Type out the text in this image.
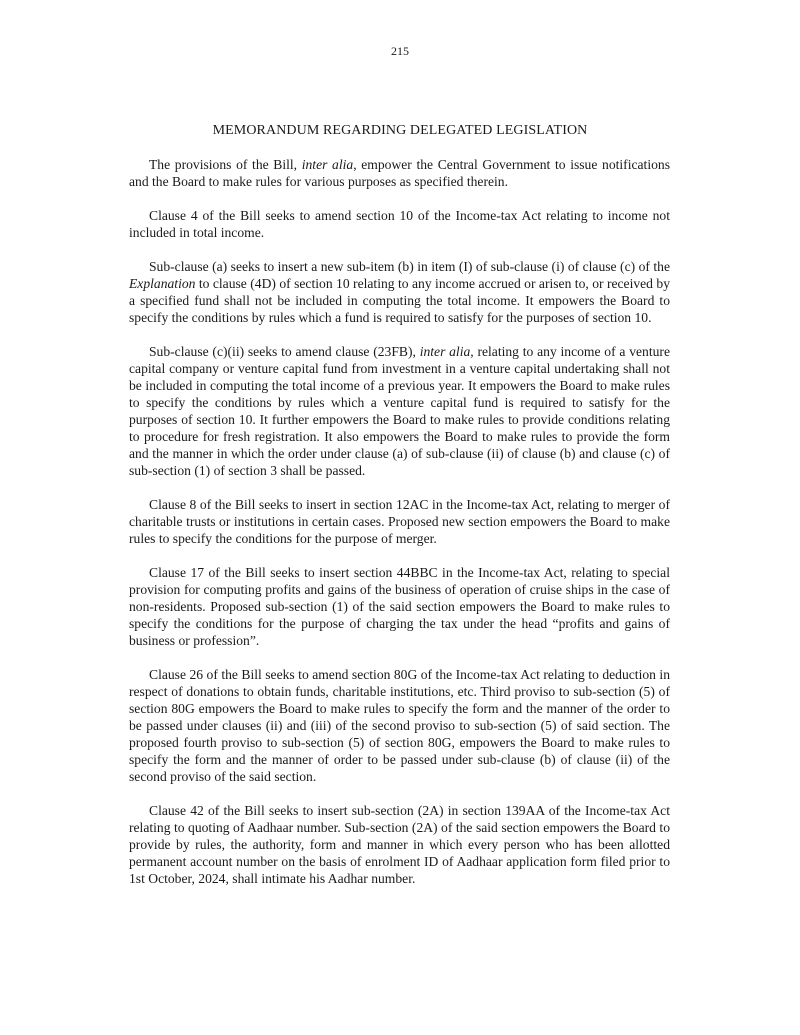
215
MEMORANDUM REGARDING DELEGATED LEGISLATION

The provisions of the Bill, inter alia, empower the Central Government to issue notifications and the Board to make rules for various purposes as specified therein.

Clause 4 of the Bill seeks to amend section 10 of the Income-tax Act relating to income not included in total income.

Sub-clause (a) seeks to insert a new sub-item (b) in item (I) of sub-clause (i) of clause (c) of the Explanation to clause (4D) of section 10 relating to any income accrued or arisen to, or received by a specified fund shall not be included in computing the total income. It empowers the Board to specify the conditions by rules which a fund is required to satisfy for the purposes of section 10.

Sub-clause (c)(ii) seeks to amend clause (23FB), inter alia, relating to any income of a venture capital company or venture capital fund from investment in a venture capital undertaking shall not be included in computing the total income of a previous year. It empowers the Board to make rules to specify the conditions by rules which a venture capital fund is required to satisfy for the purposes of section 10. It further empowers the Board to make rules to provide conditions relating to procedure for fresh registration. It also empowers the Board to make rules to provide the form and the manner in which the order under clause (a) of sub-clause (ii) of clause (b) and clause (c) of sub-section (1) of section 3 shall be passed.

Clause 8 of the Bill seeks to insert in section 12AC in the Income-tax Act, relating to merger of charitable trusts or institutions in certain cases. Proposed new section empowers the Board to make rules to specify the conditions for the purpose of merger.

Clause 17 of the Bill seeks to insert section 44BBC in the Income-tax Act, relating to special provision for computing profits and gains of the business of operation of cruise ships in the case of non-residents. Proposed sub-section (1) of the said section empowers the Board to make rules to specify the conditions for the purpose of charging the tax under the head “profits and gains of business or profession”.

Clause 26 of the Bill seeks to amend section 80G of the Income-tax Act relating to deduction in respect of donations to obtain funds, charitable institutions, etc. Third proviso to sub-section (5) of section 80G empowers the Board to make rules to specify the form and the manner of the order to be passed under clauses (ii) and (iii) of the second proviso to sub-section (5) of said section. The proposed fourth proviso to sub-section (5) of section 80G, empowers the Board to make rules to specify the form and the manner of order to be passed under sub-clause (b) of clause (ii) of the second proviso of the said section.

Clause 42 of the Bill seeks to insert sub-section (2A) in section 139AA of the Income-tax Act relating to quoting of Aadhaar number. Sub-section (2A) of the said section empowers the Board to provide by rules, the authority, form and manner in which every person who has been allotted permanent account number on the basis of enrolment ID of Aadhaar application form filed prior to 1st October, 2024, shall intimate his Aadhar number.
